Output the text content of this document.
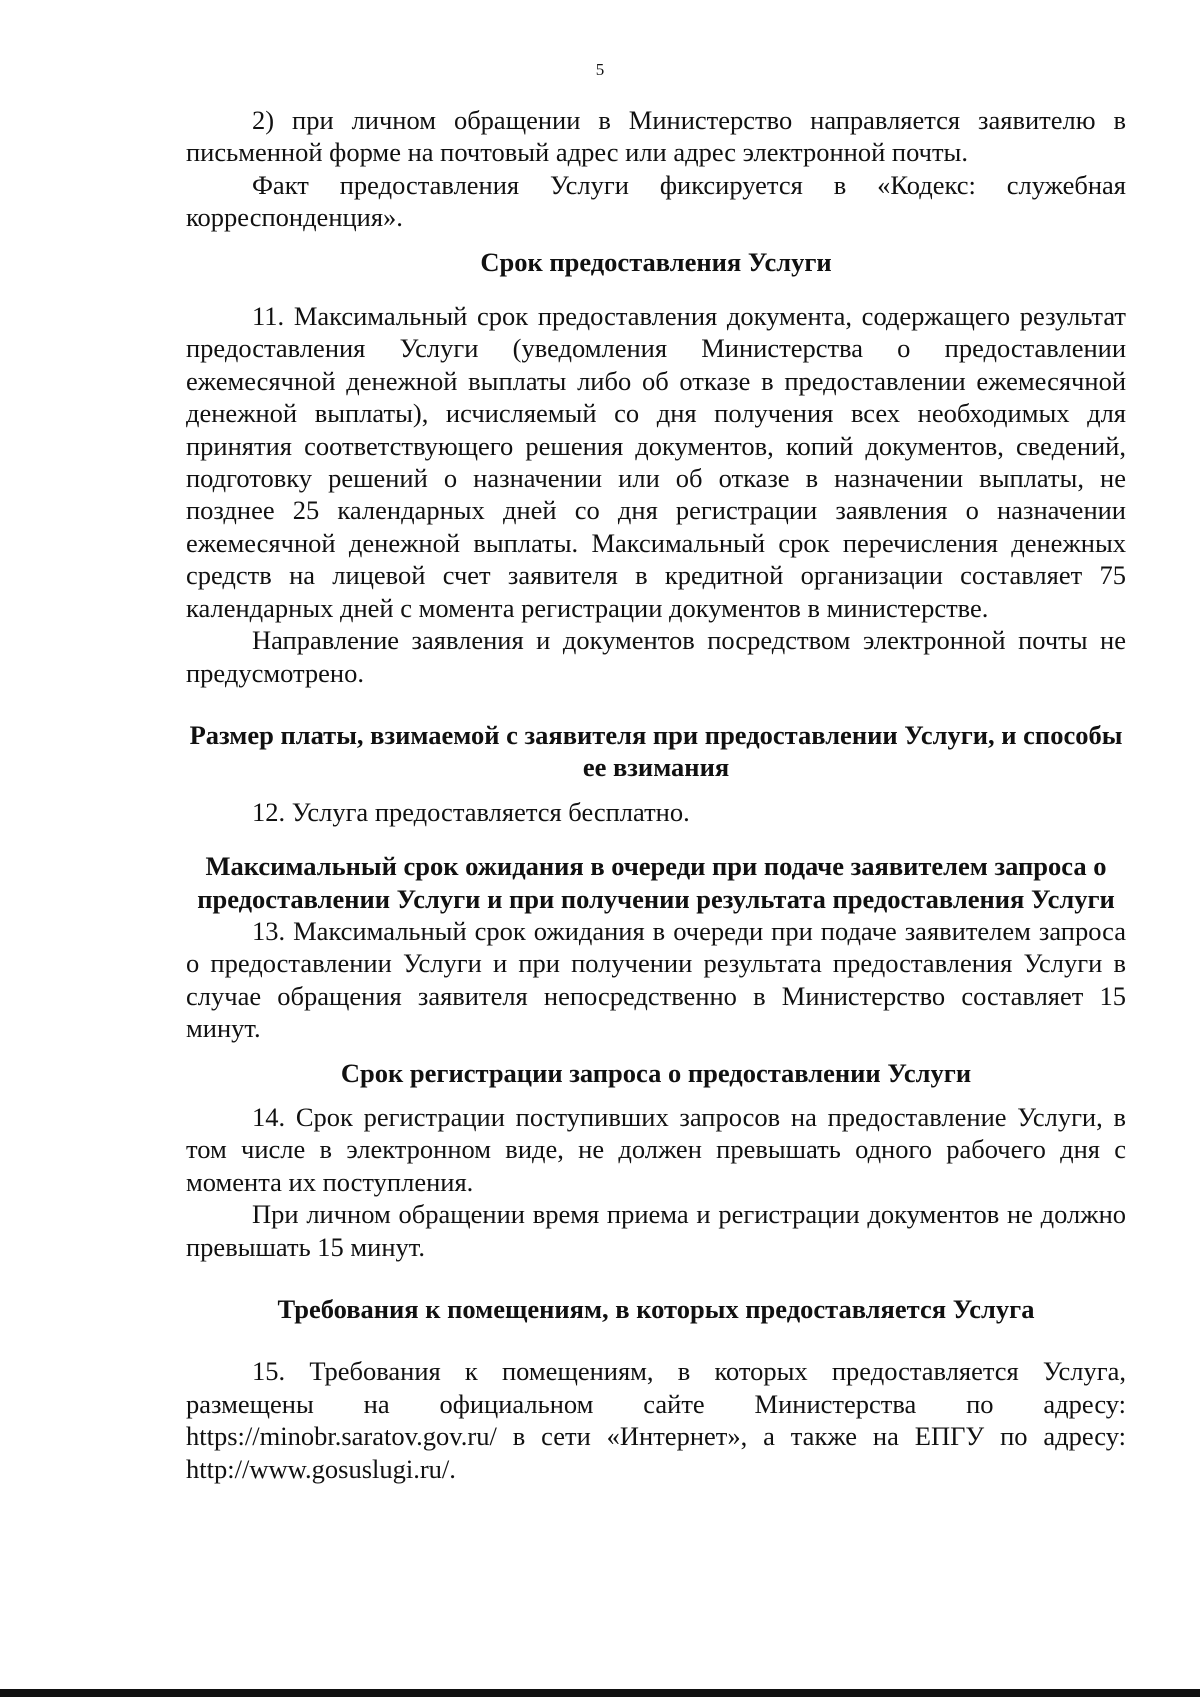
5

2) при личном обращении в Министерство направляется заявителю в письменной форме на почтовый адрес или адрес электронной почты.

Факт предоставления Услуги фиксируется в «Кодекс: служебная корреспонденция».

Срок предоставления Услуги

11. Максимальный срок предоставления документа, содержащего результат предоставления Услуги (уведомления Министерства о предоставлении ежемесячной денежной выплаты либо об отказе в предоставлении ежемесячной денежной выплаты), исчисляемый со дня получения всех необходимых для принятия соответствующего решения документов, копий документов, сведений, подготовку решений о назначении или об отказе в назначении выплаты, не позднее 25 календарных дней со дня регистрации заявления о назначении ежемесячной денежной выплаты. Максимальный срок перечисления денежных средств на лицевой счет заявителя в кредитной организации составляет 75 календарных дней с момента регистрации документов в министерстве.

Направление заявления и документов посредством электронной почты не предусмотрено.

Размер платы, взимаемой с заявителя при предоставлении Услуги, и способы ее взимания

12. Услуга предоставляется бесплатно.

Максимальный срок ожидания в очереди при подаче заявителем запроса о предоставлении Услуги и при получении результата предоставления Услуги

13. Максимальный срок ожидания в очереди при подаче заявителем запроса о предоставлении Услуги и при получении результата предоставления Услуги в случае обращения заявителя непосредственно в Министерство составляет 15 минут.

Срок регистрации запроса о предоставлении Услуги

14. Срок регистрации поступивших запросов на предоставление Услуги, в том числе в электронном виде, не должен превышать одного рабочего дня с момента их поступления.

При личном обращении время приема и регистрации документов не должно превышать 15 минут.

Требования к помещениям, в которых предоставляется Услуга

15. Требования к помещениям, в которых предоставляется Услуга, размещены на официальном сайте Министерства по адресу: https://minobr.saratov.gov.ru/ в сети «Интернет», а также на ЕПГУ по адресу: http://www.gosuslugi.ru/.
